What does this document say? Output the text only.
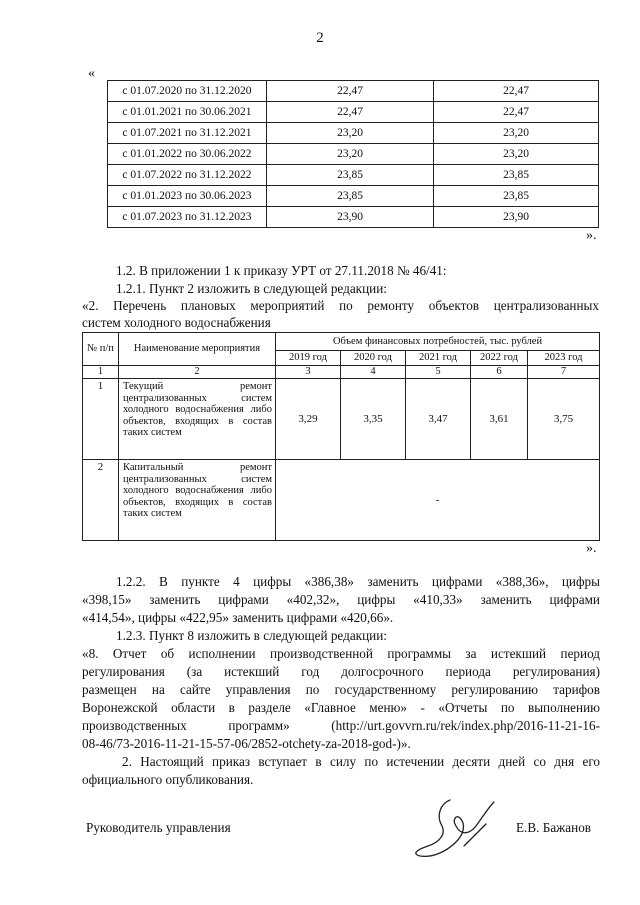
2
«
с 01.07.2020 по 31.12.2020	22,47	22,47
с 01.01.2021 по 30.06.2021	22,47	22,47
с 01.07.2021 по 31.12.2021	23,20	23,20
с 01.01.2022 по 30.06.2022	23,20	23,20
с 01.07.2022 по 31.12.2022	23,85	23,85
с 01.01.2023 по 30.06.2023	23,85	23,85
с 01.07.2023 по 31.12.2023	23,90	23,90
».
1.2. В приложении 1 к приказу УРТ от 27.11.2018 № 46/41:
1.2.1. Пункт 2 изложить в следующей редакции:
«2. Перечень плановых мероприятий по ремонту объектов централизованных
систем холодного водоснабжения
№ п/п	Наименование мероприятия	Объем финансовых потребностей, тыс. рублей				
		2019 год	2020 год	2021 год	2022 год	2023 год
1	2	3	4	5	6	7
1	Текущий ремонт централизованных систем холодного водоснабжения либо объектов, входящих в состав таких систем	3,29	3,35	3,47	3,61	3,75
2	Капитальный ремонт централизованных систем холодного водоснабжения либо объектов, входящих в состав таких систем	-				
».
1.2.2. В пункте 4 цифры «386,38» заменить цифрами «388,36», цифры
«398,15» заменить цифрами «402,32», цифры «410,33» заменить цифрами
«414,54», цифры «422,95» заменить цифрами «420,66».
1.2.3. Пункт 8 изложить в следующей редакции:
«8. Отчет об исполнении производственной программы за истекший период
регулирования (за истекший год долгосрочного периода регулирования)
размещен на сайте управления по государственному регулированию тарифов
Воронежской области в разделе «Главное меню» - «Отчеты по выполнению
производственных программ» (http://urt.govvrn.ru/rek/index.php/2016-11-21-16-
08-46/73-2016-11-21-15-57-06/2852-otchety-za-2018-god-)».
2. Настоящий приказ вступает в силу по истечении десяти дней со дня его
официального опубликования.
Руководитель управления	Е.В. Бажанов
